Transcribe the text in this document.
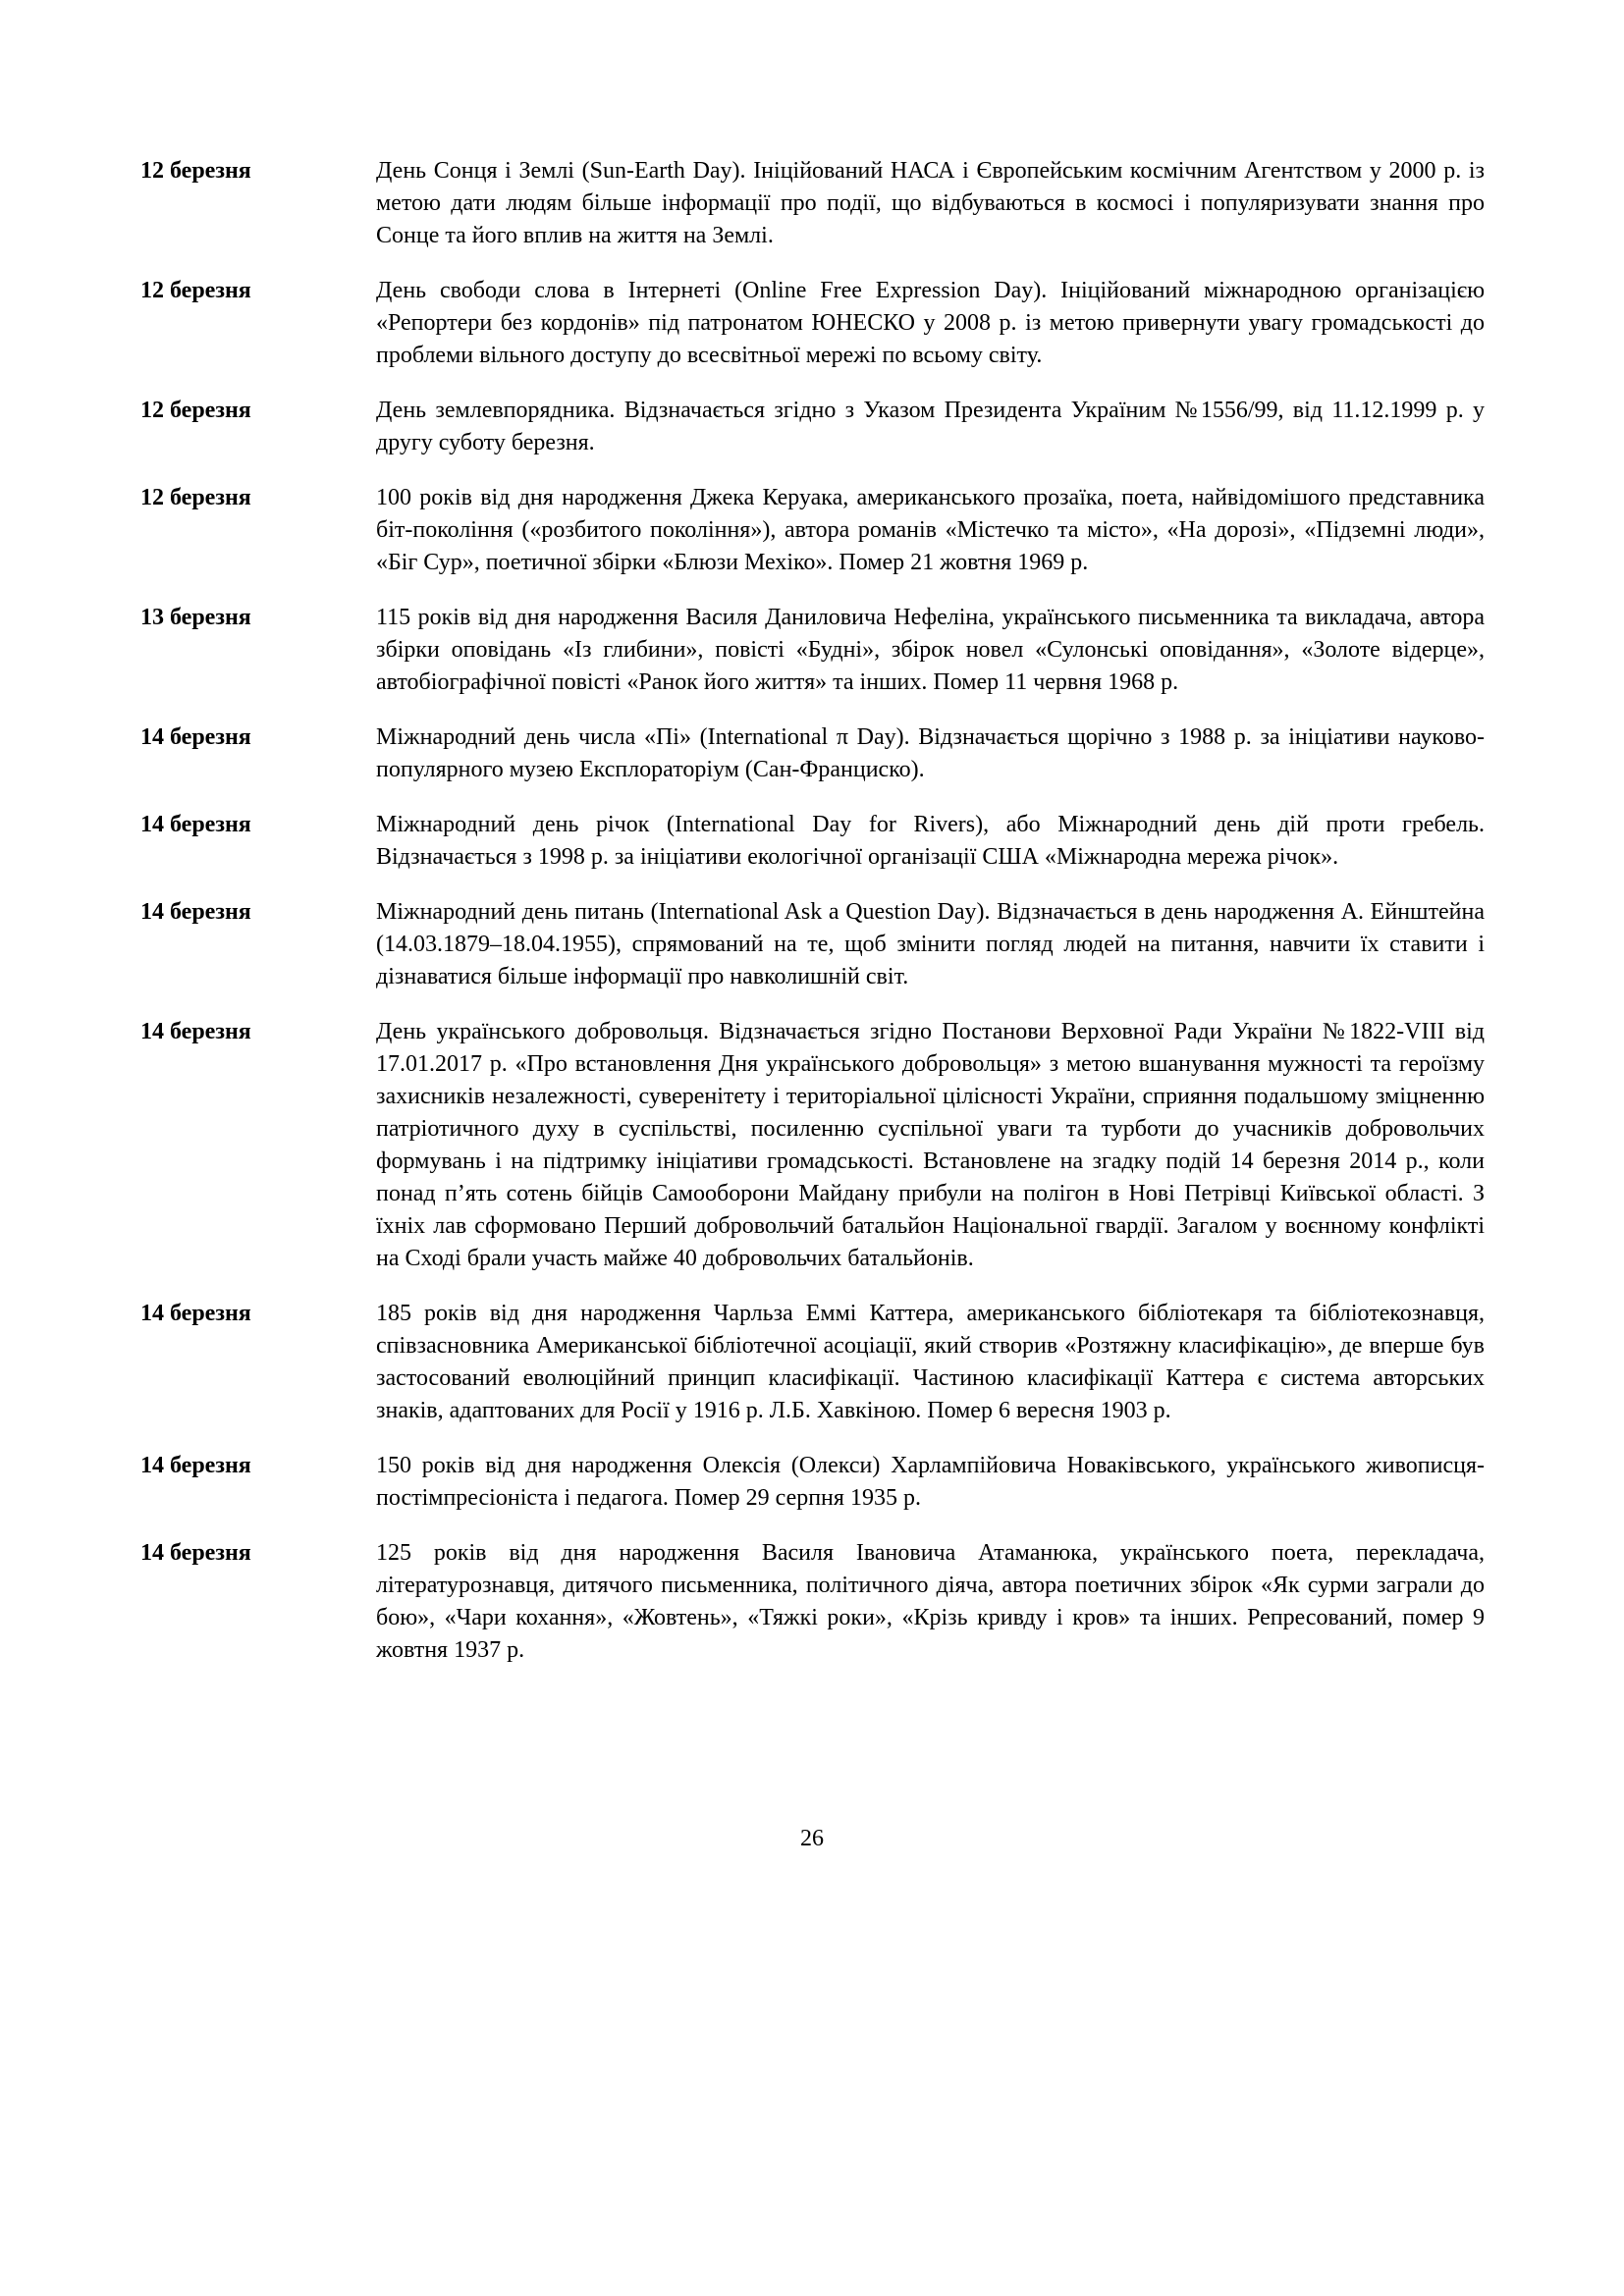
12 березня	День Сонця і Землі (Sun-Earth Day). Ініційований НАСА і Європейським космічним Агентством у 2000 р. із метою дати людям більше інформації про події, що відбуваються в космосі і популяризувати знання про Сонце та його вплив на життя на Землі.
12 березня	День свободи слова в Інтернеті (Online Free Expression Day). Ініційований міжнародною організацією «Репортери без кордонів» під патронатом ЮНЕСКО у 2008 р. із метою привернути увагу громадськості до проблеми вільного доступу до всесвітньої мережі по всьому світу.
12 березня	День землевпорядника. Відзначається згідно з Указом Президента Україним №1556/99, від 11.12.1999 р. у другу суботу березня.
12 березня	100 років від дня народження Джека Керуака, американського прозаїка, поета, найвідомішого представника біт-покоління («розбитого покоління»), автора романів «Містечко та місто», «На дорозі», «Підземні люди», «Біг Сур», поетичної збірки «Блюзи Мехіко». Помер 21 жовтня 1969 р.
13 березня	115 років від дня народження Василя Даниловича Нефеліна, українського письменника та викладача, автора збірки оповідань «Із глибини», повісті «Будні», збірок новел «Сулонські оповідання», «Золоте відерце», автобіографічної повісті «Ранок його життя» та інших. Помер 11 червня 1968 р.
14 березня	Міжнародний день числа «Пі» (International π Day). Відзначається щорічно з 1988 р. за ініціативи науково-популярного музею Експлораторіум (Сан-Франциско).
14 березня	Міжнародний день річок (International Day for Rivers), або Міжнародний день дій проти гребель. Відзначається з 1998 р. за ініціативи екологічної організації США «Міжнародна мережа річок».
14 березня	Міжнародний день питань (International Ask a Question Day). Відзначається в день народження А. Ейнштейна (14.03.1879–18.04.1955), спрямований на те, щоб змінити погляд людей на питання, навчити їх ставити і дізнаватися більше інформації про навколишній світ.
14 березня	День українського добровольця. Відзначається згідно Постанови Верховної Ради України №1822-VIII від 17.01.2017 р. «Про встановлення Дня українського добровольця» з метою вшанування мужності та героїзму захисників незалежності, суверенітету і територіальної цілісності України, сприяння подальшому зміцненню патріотичного духу в суспільстві, посиленню суспільної уваги та турботи до учасників добровольчих формувань і на підтримку ініціативи громадськості. Встановлене на згадку подій 14 березня 2014 р., коли понад п’ять сотень бійців Самооборони Майдану прибули на полігон в Нові Петрівці Київської області. З їхніх лав сформовано Перший добровольчий батальйон Національної гвардії. Загалом у воєнному конфлікті на Сході брали участь майже 40 добровольчих батальйонів.
14 березня	185 років від дня народження Чарльза Еммі Каттера, американського бібліотекаря та бібліотекознавця, співзасновника Американської бібліотечної асоціації, який створив «Розтяжну класифікацію», де вперше був застосований еволюційний принцип класифікації. Частиною класифікації Каттера є система авторських знаків, адаптованих для Росії у 1916 р. Л.Б. Хавкіною. Помер 6 вересня 1903 р.
14 березня	150 років від дня народження Олексія (Олекси) Харлампійовича Новаківського, українського живописця-постімпресіоніста і педагога. Помер 29 серпня 1935 р.
14 березня	125 років від дня народження Василя Івановича Атаманюка, українського поета, перекладача, літературознавця, дитячого письменника, політичного діяча, автора поетичних збірок «Як сурми заграли до бою», «Чари кохання», «Жовтень», «Тяжкі роки», «Крізь кривду і кров» та інших. Репресований, помер 9 жовтня 1937 р.
26
